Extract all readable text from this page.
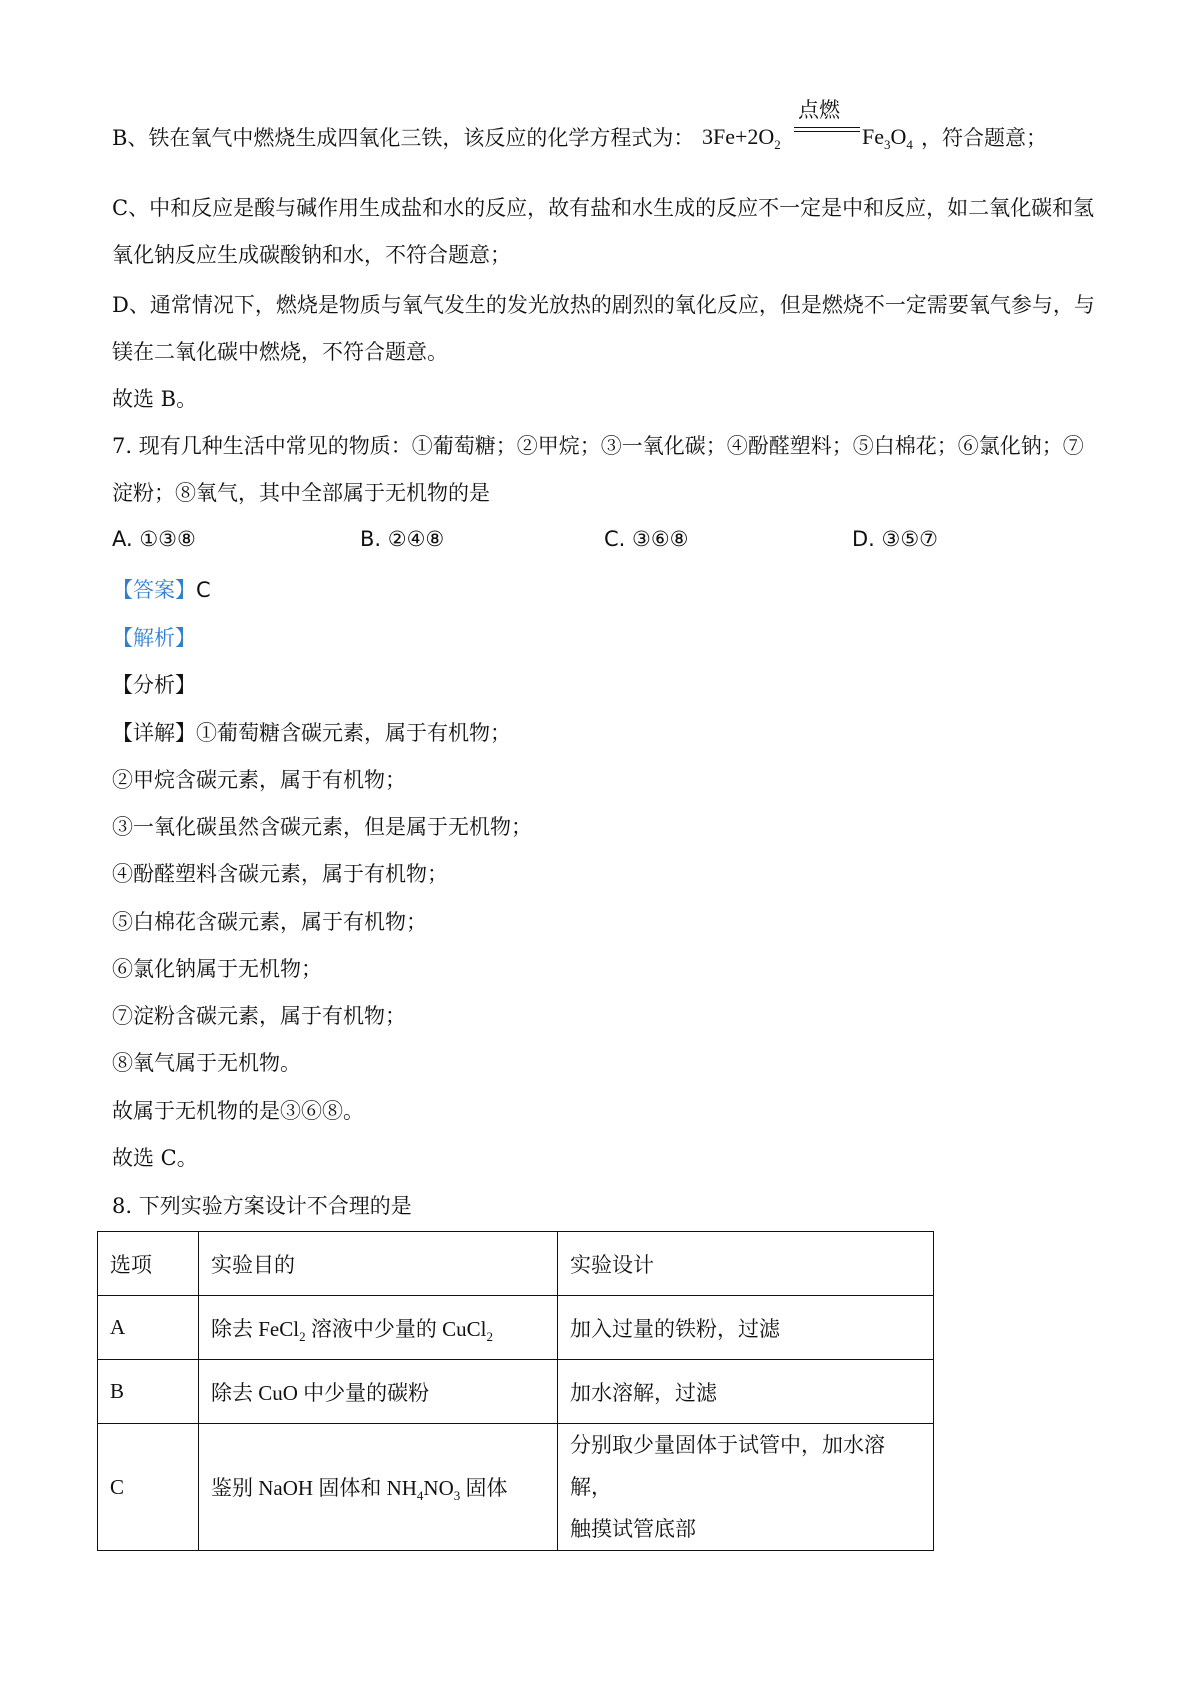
B、铁在氧气中燃烧生成四氧化三铁，该反应的化学方程式为： $3Fe+2O_2$
点燃
$Fe_3O_4$ ，符合题意；
C、中和反应是酸与碱作用生成盐和水的反应，故有盐和水生成的反应不一定是中和反应，如二氧化碳和氢
氧化钠反应生成碳酸钠和水，不符合题意；
D、通常情况下，燃烧是物质与氧气发生的发光放热的剧烈的氧化反应，但是燃烧不一定需要氧气参与，与
镁在二氧化碳中燃烧，不符合题意。
故选 B。
7. 现有几种生活中常见的物质：①葡萄糖；②甲烷；③一氧化碳；④酚醛塑料；⑤白棉花；⑥氯化钠；⑦
淀粉；⑧氧气，其中全部属于无机物的是
A. ①③⑧	B. ②④⑧	C. ③⑥⑧	D. ③⑤⑦
【答案】C
【解析】
【分析】
【详解】①葡萄糖含碳元素，属于有机物；
②甲烷含碳元素，属于有机物；
③一氧化碳虽然含碳元素，但是属于无机物；
④酚醛塑料含碳元素，属于有机物；
⑤白棉花含碳元素，属于有机物；
⑥氯化钠属于无机物；
⑦淀粉含碳元素，属于有机物；
⑧氧气属于无机物。
故属于无机物的是③⑥⑧。
故选 C。
8. 下列实验方案设计不合理的是
选项	实验目的	实验设计
A	除去 FeCl$_2$ 溶液中少量的 CuCl$_2$	加入过量的铁粉，过滤
B	除去 CuO 中少量的碳粉	加水溶解，过滤
C	鉴别 NaOH 固体和 $NH_4NO_3$ 固体	分别取少量固体于试管中，加水溶解，
触摸试管底部
